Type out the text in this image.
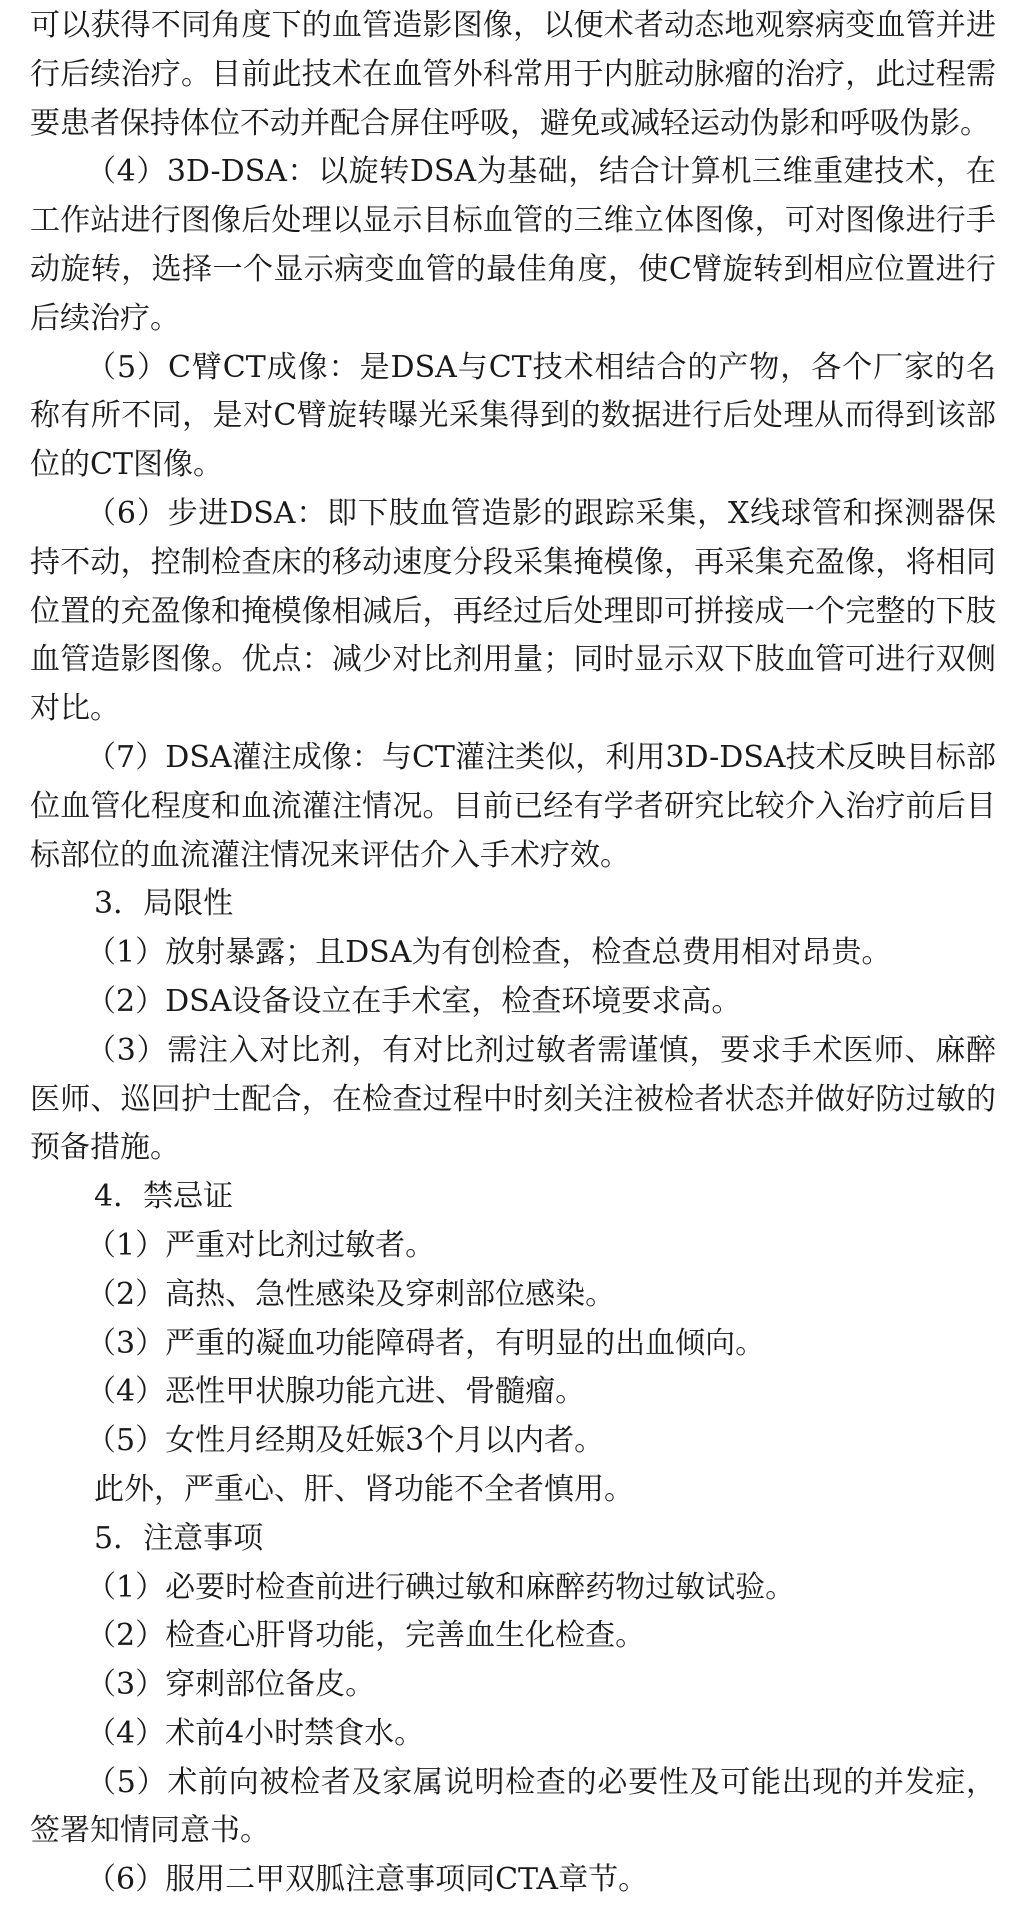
可以获得不同角度下的血管造影图像，以便术者动态地观察病变血管并进行后续治疗。目前此技术在血管外科常用于内脏动脉瘤的治疗，此过程需要患者保持体位不动并配合屏住呼吸，避免或减轻运动伪影和呼吸伪影。

（4）3D-DSA：以旋转DSA为基础，结合计算机三维重建技术，在工作站进行图像后处理以显示目标血管的三维立体图像，可对图像进行手动旋转，选择一个显示病变血管的最佳角度，使C臂旋转到相应位置进行后续治疗。

（5）C臂CT成像：是DSA与CT技术相结合的产物，各个厂家的名称有所不同，是对C臂旋转曝光采集得到的数据进行后处理从而得到该部位的CT图像。

（6）步进DSA：即下肢血管造影的跟踪采集，X线球管和探测器保持不动，控制检查床的移动速度分段采集掩模像，再采集充盈像，将相同位置的充盈像和掩模像相减后，再经过后处理即可拼接成一个完整的下肢血管造影图像。优点：减少对比剂用量；同时显示双下肢血管可进行双侧对比。

（7）DSA灌注成像：与CT灌注类似，利用3D-DSA技术反映目标部位血管化程度和血流灌注情况。目前已经有学者研究比较介入治疗前后目标部位的血流灌注情况来评估介入手术疗效。

3．局限性

（1）放射暴露；且DSA为有创检查，检查总费用相对昂贵。

（2）DSA设备设立在手术室，检查环境要求高。

（3）需注入对比剂，有对比剂过敏者需谨慎，要求手术医师、麻醉医师、巡回护士配合，在检查过程中时刻关注被检者状态并做好防过敏的预备措施。

4．禁忌证

（1）严重对比剂过敏者。

（2）高热、急性感染及穿刺部位感染。

（3）严重的凝血功能障碍者，有明显的出血倾向。

（4）恶性甲状腺功能亢进、骨髓瘤。

（5）女性月经期及妊娠3个月以内者。

此外，严重心、肝、肾功能不全者慎用。

5．注意事项

（1）必要时检查前进行碘过敏和麻醉药物过敏试验。

（2）检查心肝肾功能，完善血生化检查。

（3）穿刺部位备皮。

（4）术前4小时禁食水。

（5）术前向被检者及家属说明检查的必要性及可能出现的并发症，签署知情同意书。

（6）服用二甲双胍注意事项同CTA章节。
